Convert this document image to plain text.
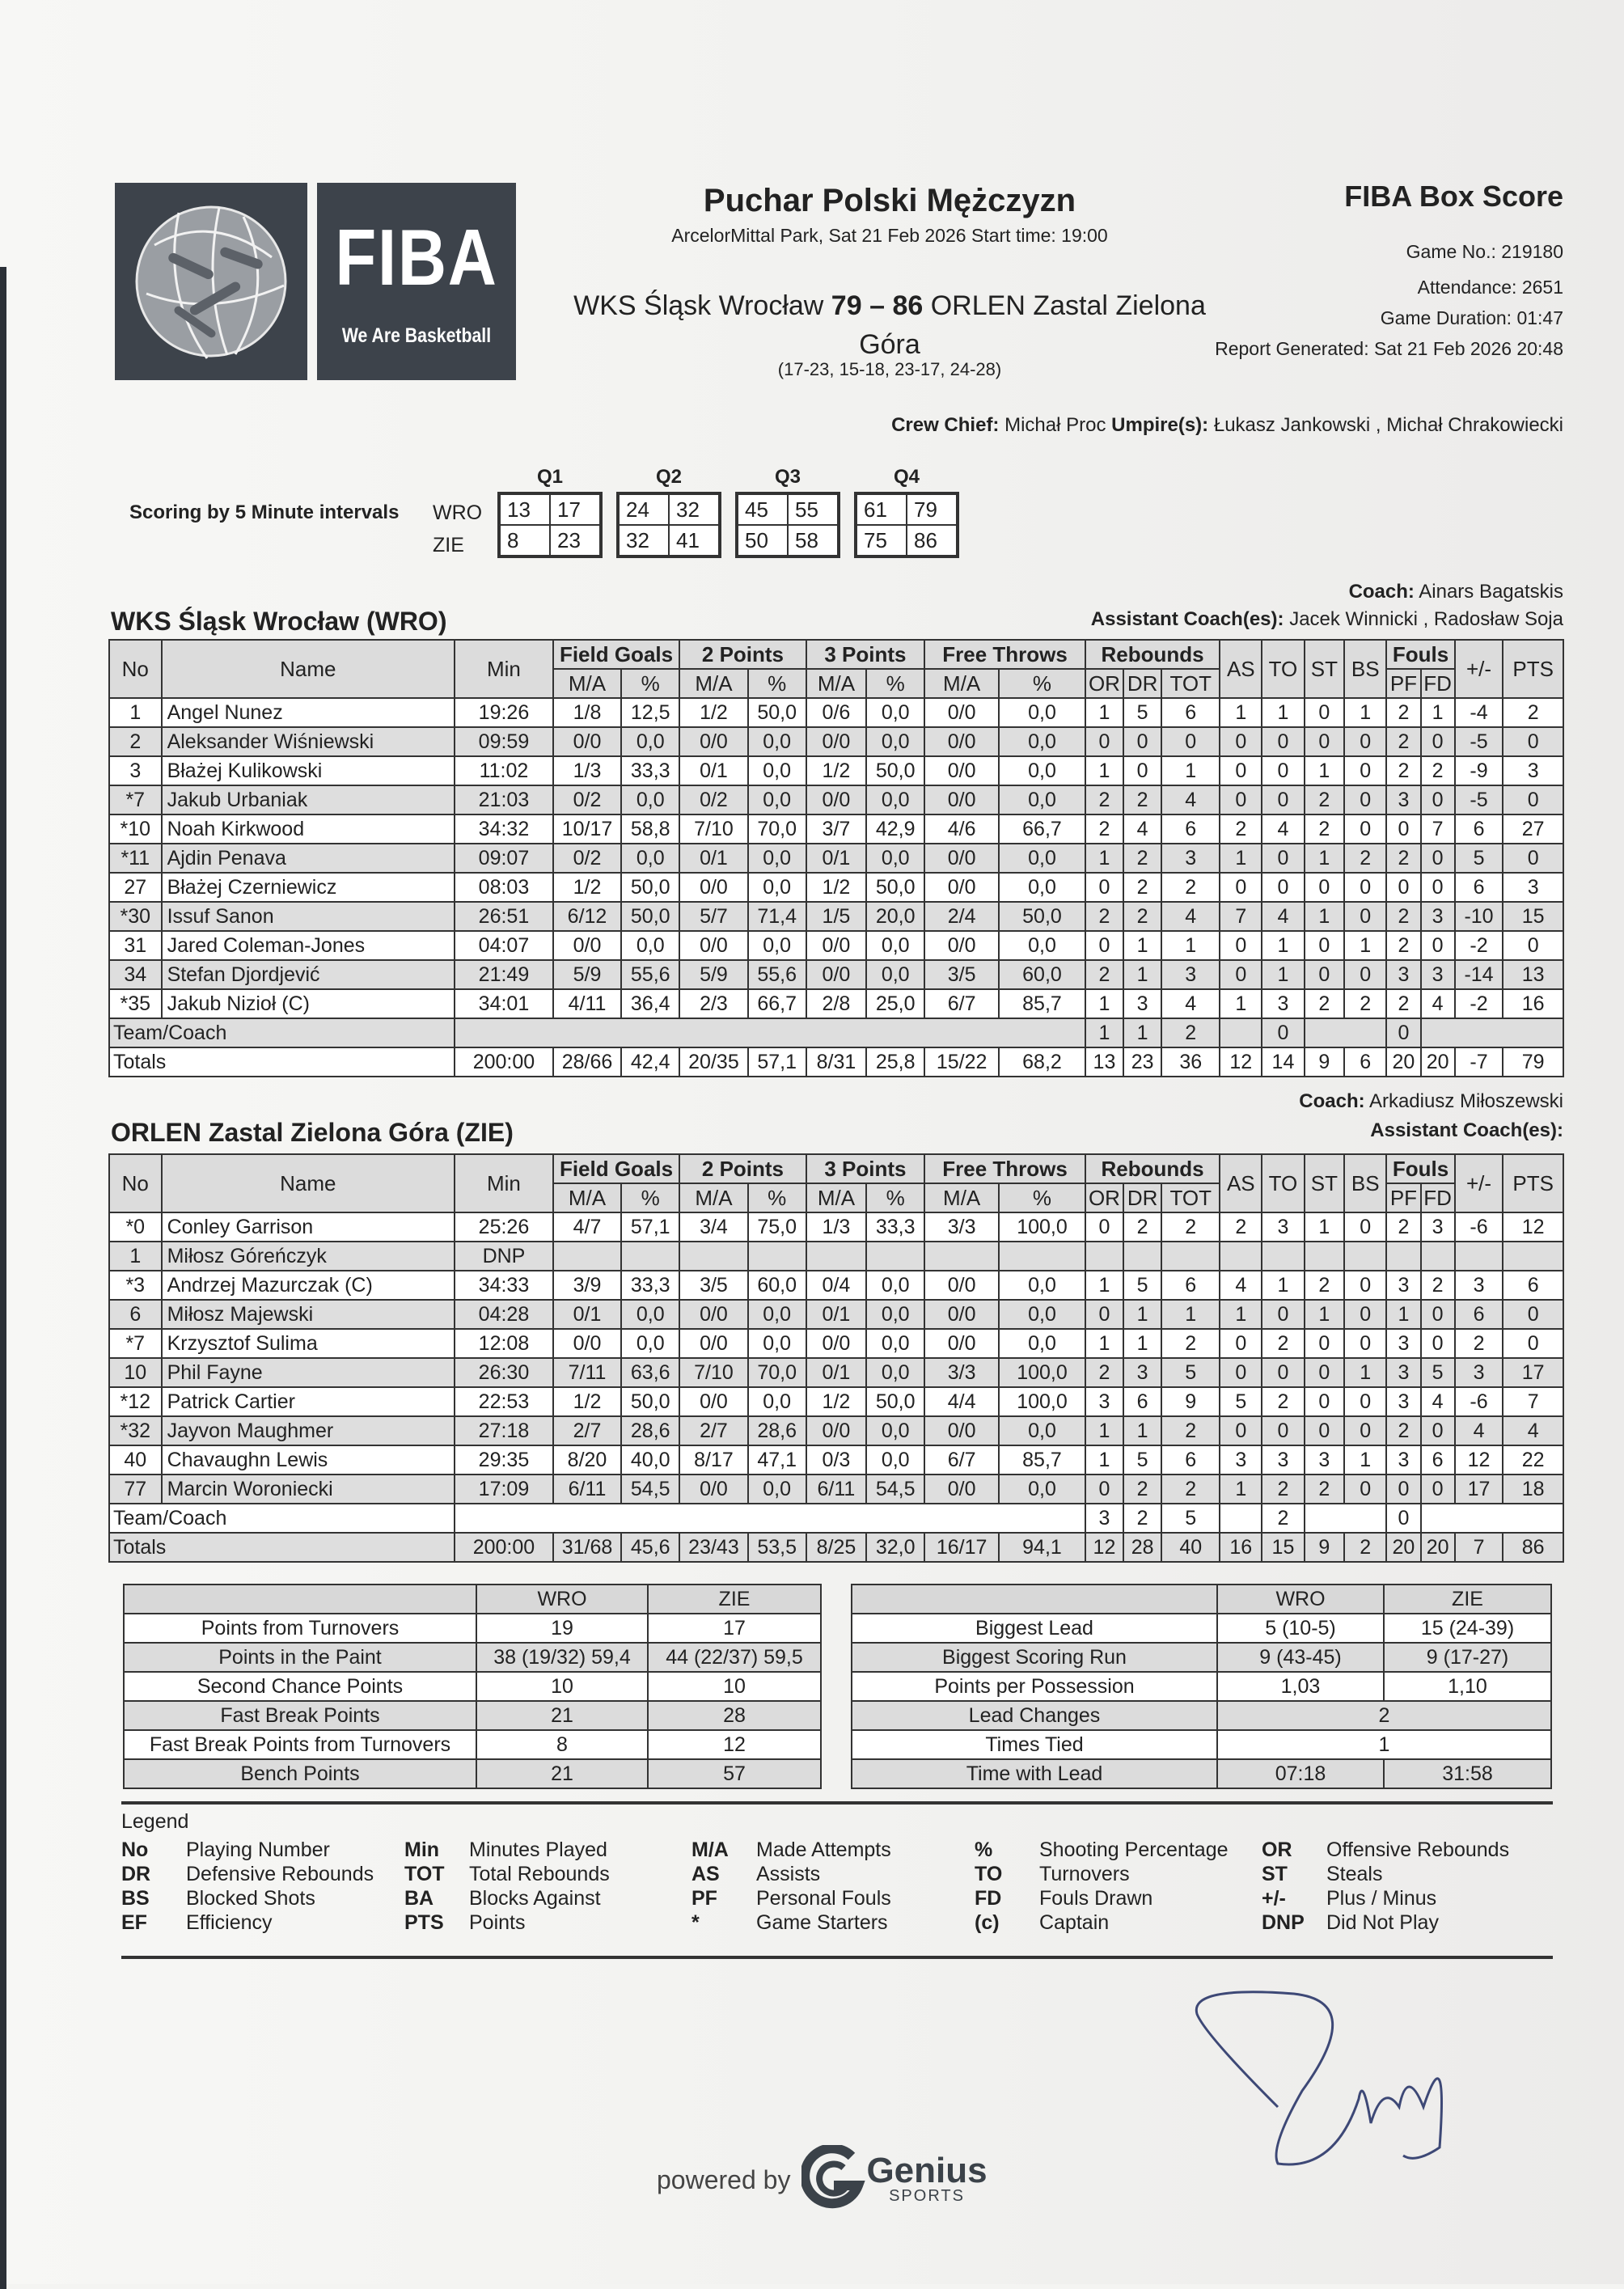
FIBA
We Are Basketball
Puchar Polski Mężczyzn
ArcelorMittal Park, Sat 21 Feb 2026 Start time: 19:00
WKS Śląsk Wrocław 79 – 86 ORLEN Zastal Zielona
Góra
(17-23, 15-18, 23-17, 24-28)
FIBA Box Score
Game No.: 219180
Attendance: 2651
Game Duration: 01:47
Report Generated: Sat 21 Feb 2026 20:48
Crew Chief: Michał Proc Umpire(s): Łukasz Jankowski , Michał Chrakowiecki
Scoring by 5 Minute intervals WRO
ZIE
Q1
13	17
8	23
Q2
24	32
32	41
Q3
45	55
50	58
Q4
61	79
75	86
Coach: Ainars Bagatskis
WKS Śląsk Wrocław (WRO)	Assistant Coach(es): Jacek Winnicki , Radosław Soja
No	Name	Min	Field Goals		2 Points		3 Points		Free Throws		Rebounds			AS	TO	ST	BS	Fouls		+/-	PTS
			M/A	%	M/A	%	M/A	%	M/A	%	OR	DR	TOT					PF	FD		
1	Angel Nunez	19:26	1/8	12,5	1/2	50,0	0/6	0,0	0/0	0,0	1	5	6	1	1	0	1	2	1	-4	2
2	Aleksander Wiśniewski	09:59	0/0	0,0	0/0	0,0	0/0	0,0	0/0	0,0	0	0	0	0	0	0	0	2	0	-5	0
3	Błażej Kulikowski	11:02	1/3	33,3	0/1	0,0	1/2	50,0	0/0	0,0	1	0	1	0	0	1	0	2	2	-9	3
*7	Jakub Urbaniak	21:03	0/2	0,0	0/2	0,0	0/0	0,0	0/0	0,0	2	2	4	0	0	2	0	3	0	-5	0
*10	Noah Kirkwood	34:32	10/17	58,8	7/10	70,0	3/7	42,9	4/6	66,7	2	4	6	2	4	2	0	0	7	6	27
*11	Ajdin Penava	09:07	0/2	0,0	0/1	0,0	0/1	0,0	0/0	0,0	1	2	3	1	0	1	2	2	0	5	0
27	Błażej Czerniewicz	08:03	1/2	50,0	0/0	0,0	1/2	50,0	0/0	0,0	0	2	2	0	0	0	0	0	0	6	3
*30	Issuf Sanon	26:51	6/12	50,0	5/7	71,4	1/5	20,0	2/4	50,0	2	2	4	7	4	1	0	2	3	-10	15
31	Jared Coleman-Jones	04:07	0/0	0,0	0/0	0,0	0/0	0,0	0/0	0,0	0	1	1	0	1	0	1	2	0	-2	0
34	Stefan Djordjević	21:49	5/9	55,6	5/9	55,6	0/0	0,0	3/5	60,0	2	1	3	0	1	0	0	3	3	-14	13
*35	Jakub Nizioł (C)	34:01	4/11	36,4	2/3	66,7	2/8	25,0	6/7	85,7	1	3	4	1	3	2	2	2	4	-2	16
Team/Coach											1	1	2		0			0			
Totals		200:00	28/66	42,4	20/35	57,1	8/31	25,8	15/22	68,2	13	23	36	12	14	9	6	20	20	-7	79
Coach: Arkadiusz Miłoszewski
ORLEN Zastal Zielona Góra (ZIE)	Assistant Coach(es):
No	Name	Min	Field Goals		2 Points		3 Points		Free Throws		Rebounds			AS	TO	ST	BS	Fouls		+/-	PTS
			M/A	%	M/A	%	M/A	%	M/A	%	OR	DR	TOT					PF	FD		
*0	Conley Garrison	25:26	4/7	57,1	3/4	75,0	1/3	33,3	3/3	100,0	0	2	2	2	3	1	0	2	3	-6	12
1	Miłosz Góreńczyk	DNP																			
*3	Andrzej Mazurczak (C)	34:33	3/9	33,3	3/5	60,0	0/4	0,0	0/0	0,0	1	5	6	4	1	2	0	3	2	3	6
6	Miłosz Majewski	04:28	0/1	0,0	0/0	0,0	0/1	0,0	0/0	0,0	0	1	1	1	0	1	0	1	0	6	0
*7	Krzysztof Sulima	12:08	0/0	0,0	0/0	0,0	0/0	0,0	0/0	0,0	1	1	2	0	2	0	0	3	0	2	0
10	Phil Fayne	26:30	7/11	63,6	7/10	70,0	0/1	0,0	3/3	100,0	2	3	5	0	0	0	1	3	5	3	17
*12	Patrick Cartier	22:53	1/2	50,0	0/0	0,0	1/2	50,0	4/4	100,0	3	6	9	5	2	0	0	3	4	-6	7
*32	Jayvon Maughmer	27:18	2/7	28,6	2/7	28,6	0/0	0,0	0/0	0,0	1	1	2	0	0	0	0	2	0	4	4
40	Chavaughn Lewis	29:35	8/20	40,0	8/17	47,1	0/3	0,0	6/7	85,7	1	5	6	3	3	3	1	3	6	12	22
77	Marcin Woroniecki	17:09	6/11	54,5	0/0	0,0	6/11	54,5	0/0	0,0	0	2	2	1	2	2	0	0	0	17	18
Team/Coach											3	2	5		2			0			
Totals		200:00	31/68	45,6	23/43	53,5	8/25	32,0	16/17	94,1	12	28	40	16	15	9	2	20	20	7	86
	WRO	ZIE
Points from Turnovers	19	17
Points in the Paint	38 (19/32) 59,4	44 (22/37) 59,5
Second Chance Points	10	10
Fast Break Points	21	28
Fast Break Points from Turnovers	8	12
Bench Points	21	57
	WRO	ZIE
Biggest Lead	5 (10-5)	15 (24-39)
Biggest Scoring Run	9 (43-45)	9 (17-27)
Points per Possession	1,03	1,10
Lead Changes	2	
Times Tied	1	
Time with Lead	07:18	31:58
Legend
No	Playing Number
DR	Defensive Rebounds
BS	Blocked Shots
EF	Efficiency
Min	Minutes Played
TOT	Total Rebounds
BA	Blocks Against
PTS	Points
M/A	Made Attempts
AS	Assists
PF	Personal Fouls
*	Game Starters
%	Shooting Percentage
TO	Turnovers
FD	Fouls Drawn
(c)	Captain
OR	Offensive Rebounds
ST	Steals
+/-	Plus / Minus
DNP	Did Not Play
powered by Genius
SPORTS
